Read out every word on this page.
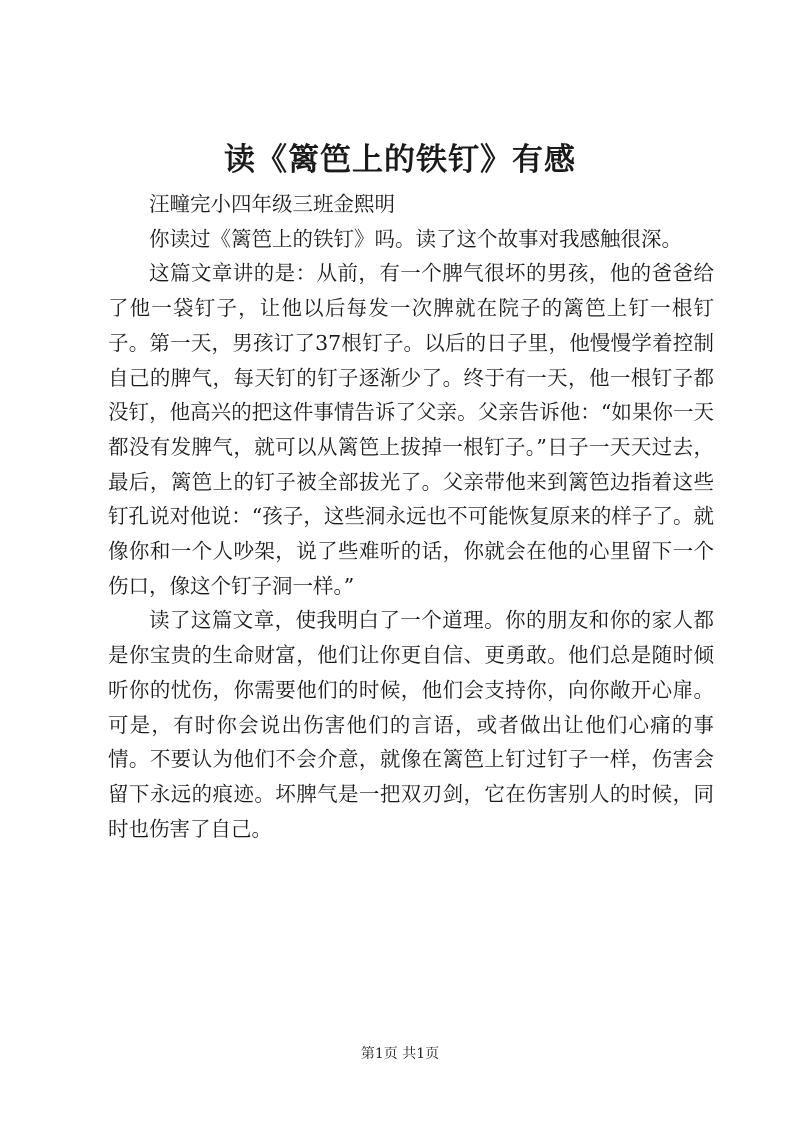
读《篱笆上的铁钉》有感

汪疃完小四年级三班金熙明

你读过《篱笆上的铁钉》吗。读了这个故事对我感触很深。

这篇文章讲的是：从前，有一个脾气很坏的男孩，他的爸爸给了他一袋钉子，让他以后每发一次脾就在院子的篱笆上钉一根钉子。第一天，男孩订了37根钉子。以后的日子里，他慢慢学着控制自己的脾气，每天钉的钉子逐渐少了。终于有一天，他一根钉子都没钉，他高兴的把这件事情告诉了父亲。父亲告诉他：“如果你一天都没有发脾气，就可以从篱笆上拔掉一根钉子。”日子一天天过去，最后，篱笆上的钉子被全部拔光了。父亲带他来到篱笆边指着这些钉孔说对他说：“孩子，这些洞永远也不可能恢复原来的样子了。就像你和一个人吵架，说了些难听的话，你就会在他的心里留下一个伤口，像这个钉子洞一样。”

读了这篇文章，使我明白了一个道理。你的朋友和你的家人都是你宝贵的生命财富，他们让你更自信、更勇敢。他们总是随时倾听你的忧伤，你需要他们的时候，他们会支持你，向你敞开心扉。可是，有时你会说出伤害他们的言语，或者做出让他们心痛的事情。不要认为他们不会介意，就像在篱笆上钉过钉子一样，伤害会留下永远的痕迹。坏脾气是一把双刃剑，它在伤害别人的时候，同时也伤害了自己。

第1页 共1页
